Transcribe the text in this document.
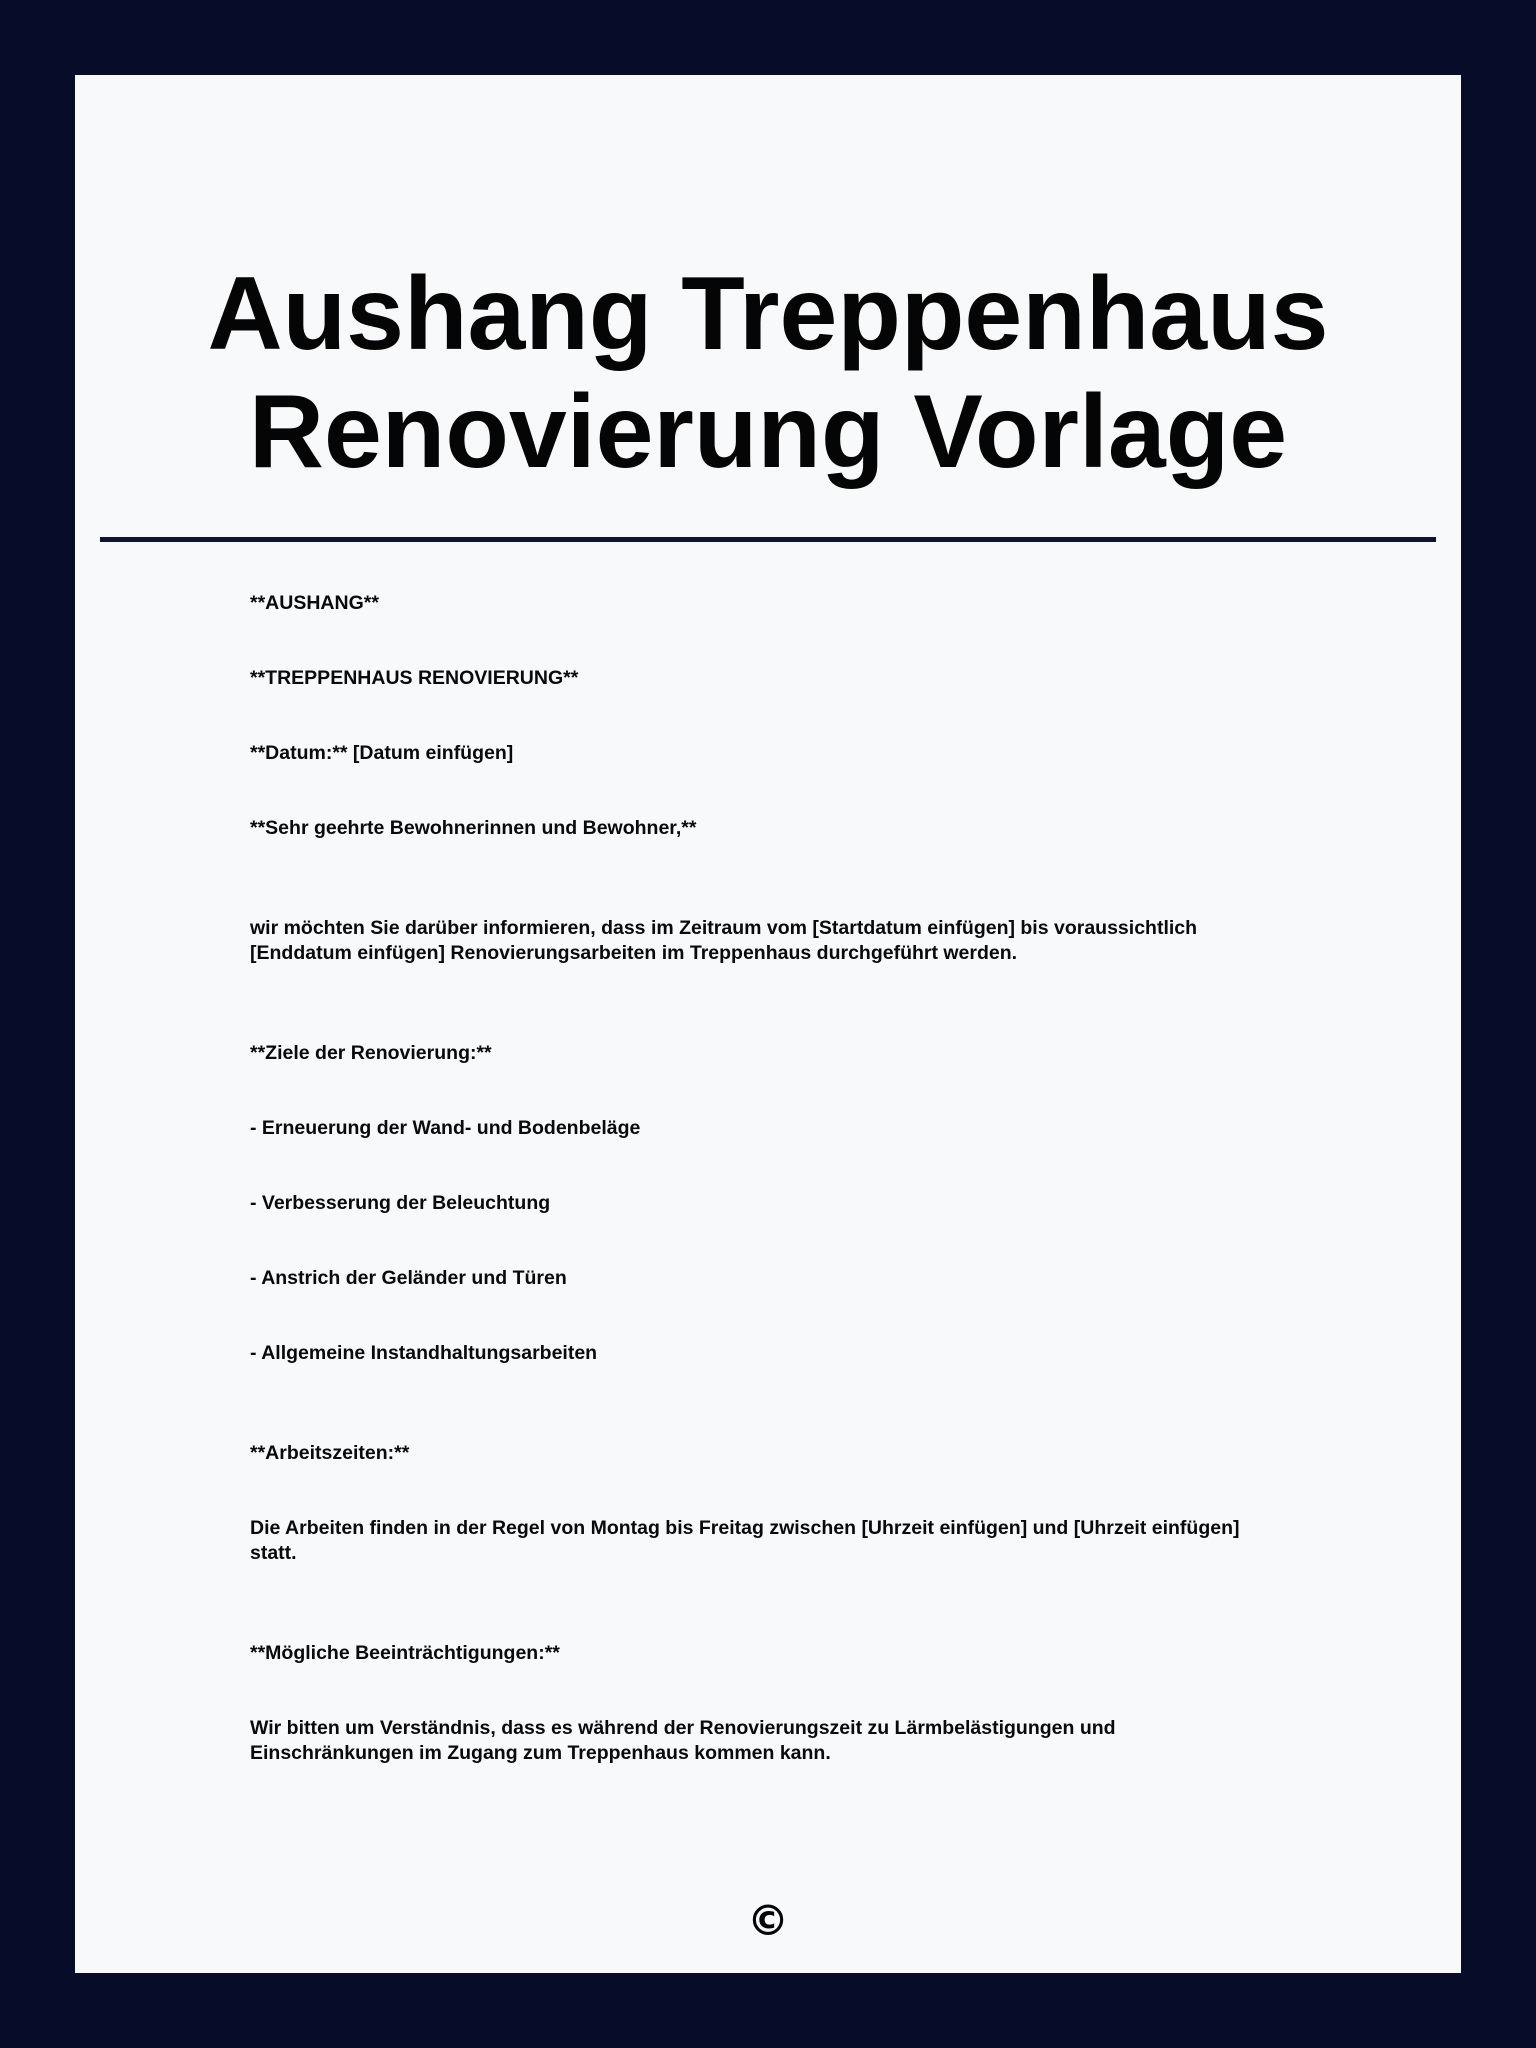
Aushang Treppenhaus
Renovierung Vorlage
**AUSHANG**
**TREPPENHAUS RENOVIERUNG**
**Datum:** [Datum einfügen]
**Sehr geehrte Bewohnerinnen und Bewohner,**
wir möchten Sie darüber informieren, dass im Zeitraum vom [Startdatum einfügen] bis voraussichtlich
[Enddatum einfügen] Renovierungsarbeiten im Treppenhaus durchgeführt werden.
**Ziele der Renovierung:**
- Erneuerung der Wand- und Bodenbeläge
- Verbesserung der Beleuchtung
- Anstrich der Geländer und Türen
- Allgemeine Instandhaltungsarbeiten
**Arbeitszeiten:**
Die Arbeiten finden in der Regel von Montag bis Freitag zwischen [Uhrzeit einfügen] und [Uhrzeit einfügen]
statt.
**Mögliche Beeinträchtigungen:**
Wir bitten um Verständnis, dass es während der Renovierungszeit zu Lärmbelästigungen und
Einschränkungen im Zugang zum Treppenhaus kommen kann.
©
